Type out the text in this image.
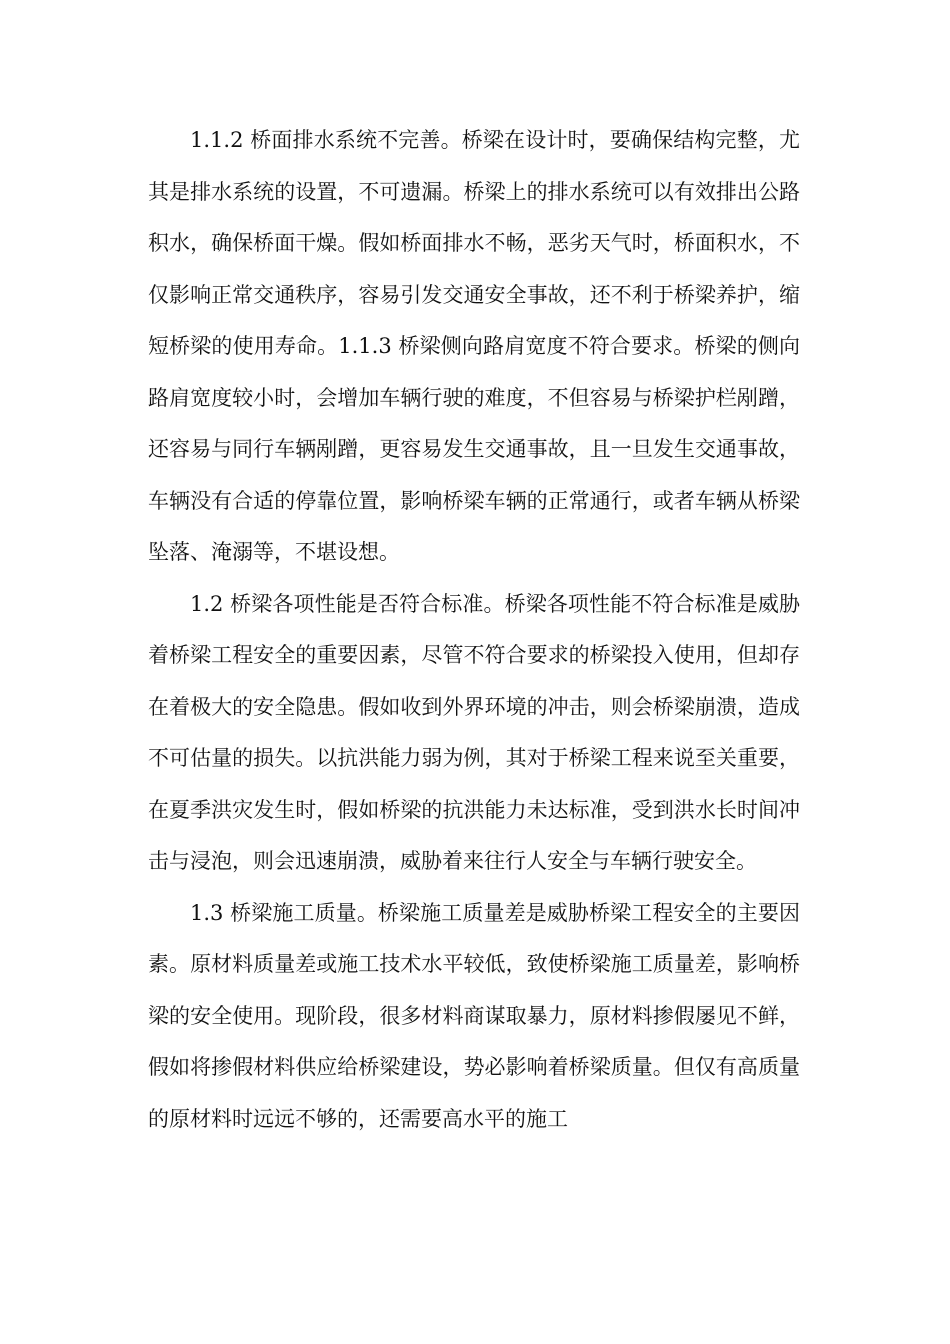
1.1.2 桥面排水系统不完善。桥梁在设计时，要确保结构完整，尤其是排水系统的设置，不可遗漏。桥梁上的排水系统可以有效排出公路积水，确保桥面干燥。假如桥面排水不畅，恶劣天气时，桥面积水，不仅影响正常交通秩序，容易引发交通安全事故，还不利于桥梁养护，缩短桥梁的使用寿命。1.1.3 桥梁侧向路肩宽度不符合要求。桥梁的侧向路肩宽度较小时，会增加车辆行驶的难度，不但容易与桥梁护栏剐蹭，还容易与同行车辆剐蹭，更容易发生交通事故，且一旦发生交通事故，车辆没有合适的停靠位置，影响桥梁车辆的正常通行，或者车辆从桥梁坠落、淹溺等，不堪设想。

1.2 桥梁各项性能是否符合标准。桥梁各项性能不符合标准是威胁着桥梁工程安全的重要因素，尽管不符合要求的桥梁投入使用，但却存在着极大的安全隐患。假如收到外界环境的冲击，则会桥梁崩溃，造成不可估量的损失。以抗洪能力弱为例，其对于桥梁工程来说至关重要，在夏季洪灾发生时，假如桥梁的抗洪能力未达标准，受到洪水长时间冲击与浸泡，则会迅速崩溃，威胁着来往行人安全与车辆行驶安全。

1.3 桥梁施工质量。桥梁施工质量差是威胁桥梁工程安全的主要因素。原材料质量差或施工技术水平较低，致使桥梁施工质量差，影响桥梁的安全使用。现阶段，很多材料商谋取暴力，原材料掺假屡见不鲜，假如将掺假材料供应给桥梁建设，势必影响着桥梁质量。但仅有高质量的原材料时远远不够的，还需要高水平的施工
